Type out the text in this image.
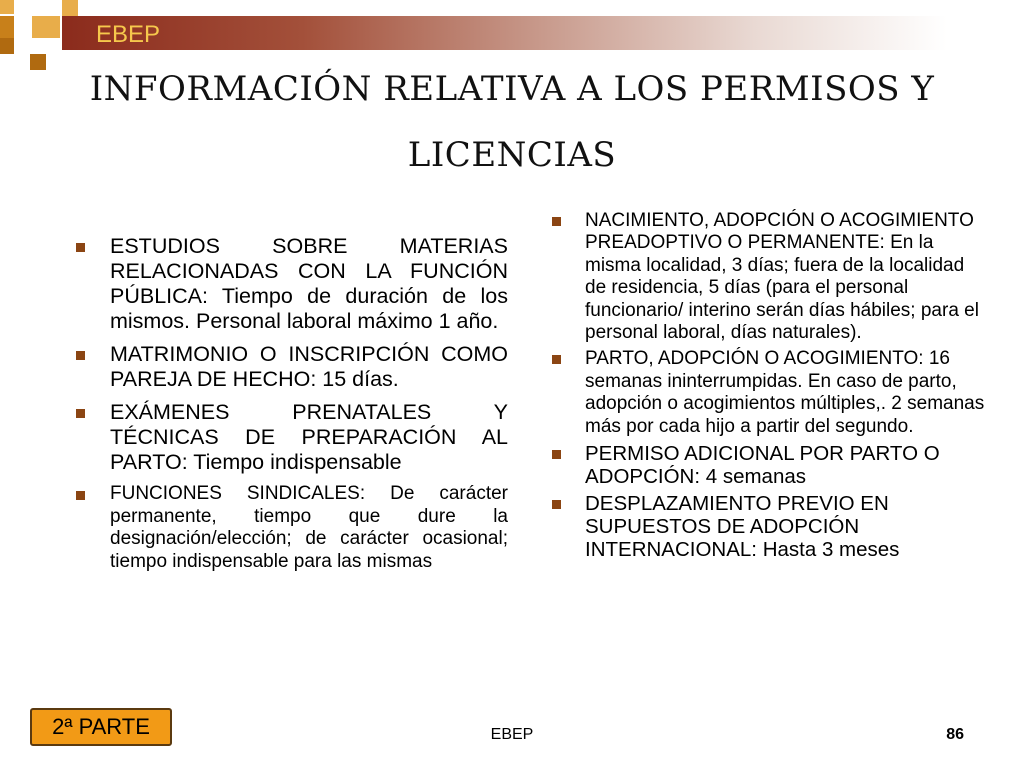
EBEP
INFORMACIÓN RELATIVA A LOS PERMISOS Y LICENCIAS
ESTUDIOS SOBRE MATERIAS RELACIONADAS CON LA FUNCIÓN PÚBLICA: Tiempo de duración de los mismos. Personal laboral máximo 1 año.
MATRIMONIO O INSCRIPCIÓN COMO PAREJA DE HECHO: 15 días.
EXÁMENES PRENATALES Y TÉCNICAS DE PREPARACIÓN AL PARTO: Tiempo indispensable
FUNCIONES SINDICALES: De carácter permanente, tiempo que dure la designación/elección; de carácter ocasional; tiempo indispensable para las mismas
NACIMIENTO, ADOPCIÓN O ACOGIMIENTO PREADOPTIVO O PERMANENTE: En la misma localidad, 3 días; fuera de la localidad de residencia, 5 días (para el personal funcionario/ interino serán días hábiles; para el personal laboral, días naturales).
PARTO, ADOPCIÓN O ACOGIMIENTO: 16 semanas ininterrumpidas. En caso de parto, adopción o acogimientos múltiples,. 2 semanas más por cada hijo a partir del segundo.
PERMISO ADICIONAL POR PARTO O ADOPCIÓN: 4 semanas
DESPLAZAMIENTO PREVIO EN SUPUESTOS DE ADOPCIÓN INTERNACIONAL: Hasta 3 meses
2ª PARTE	EBEP	86
